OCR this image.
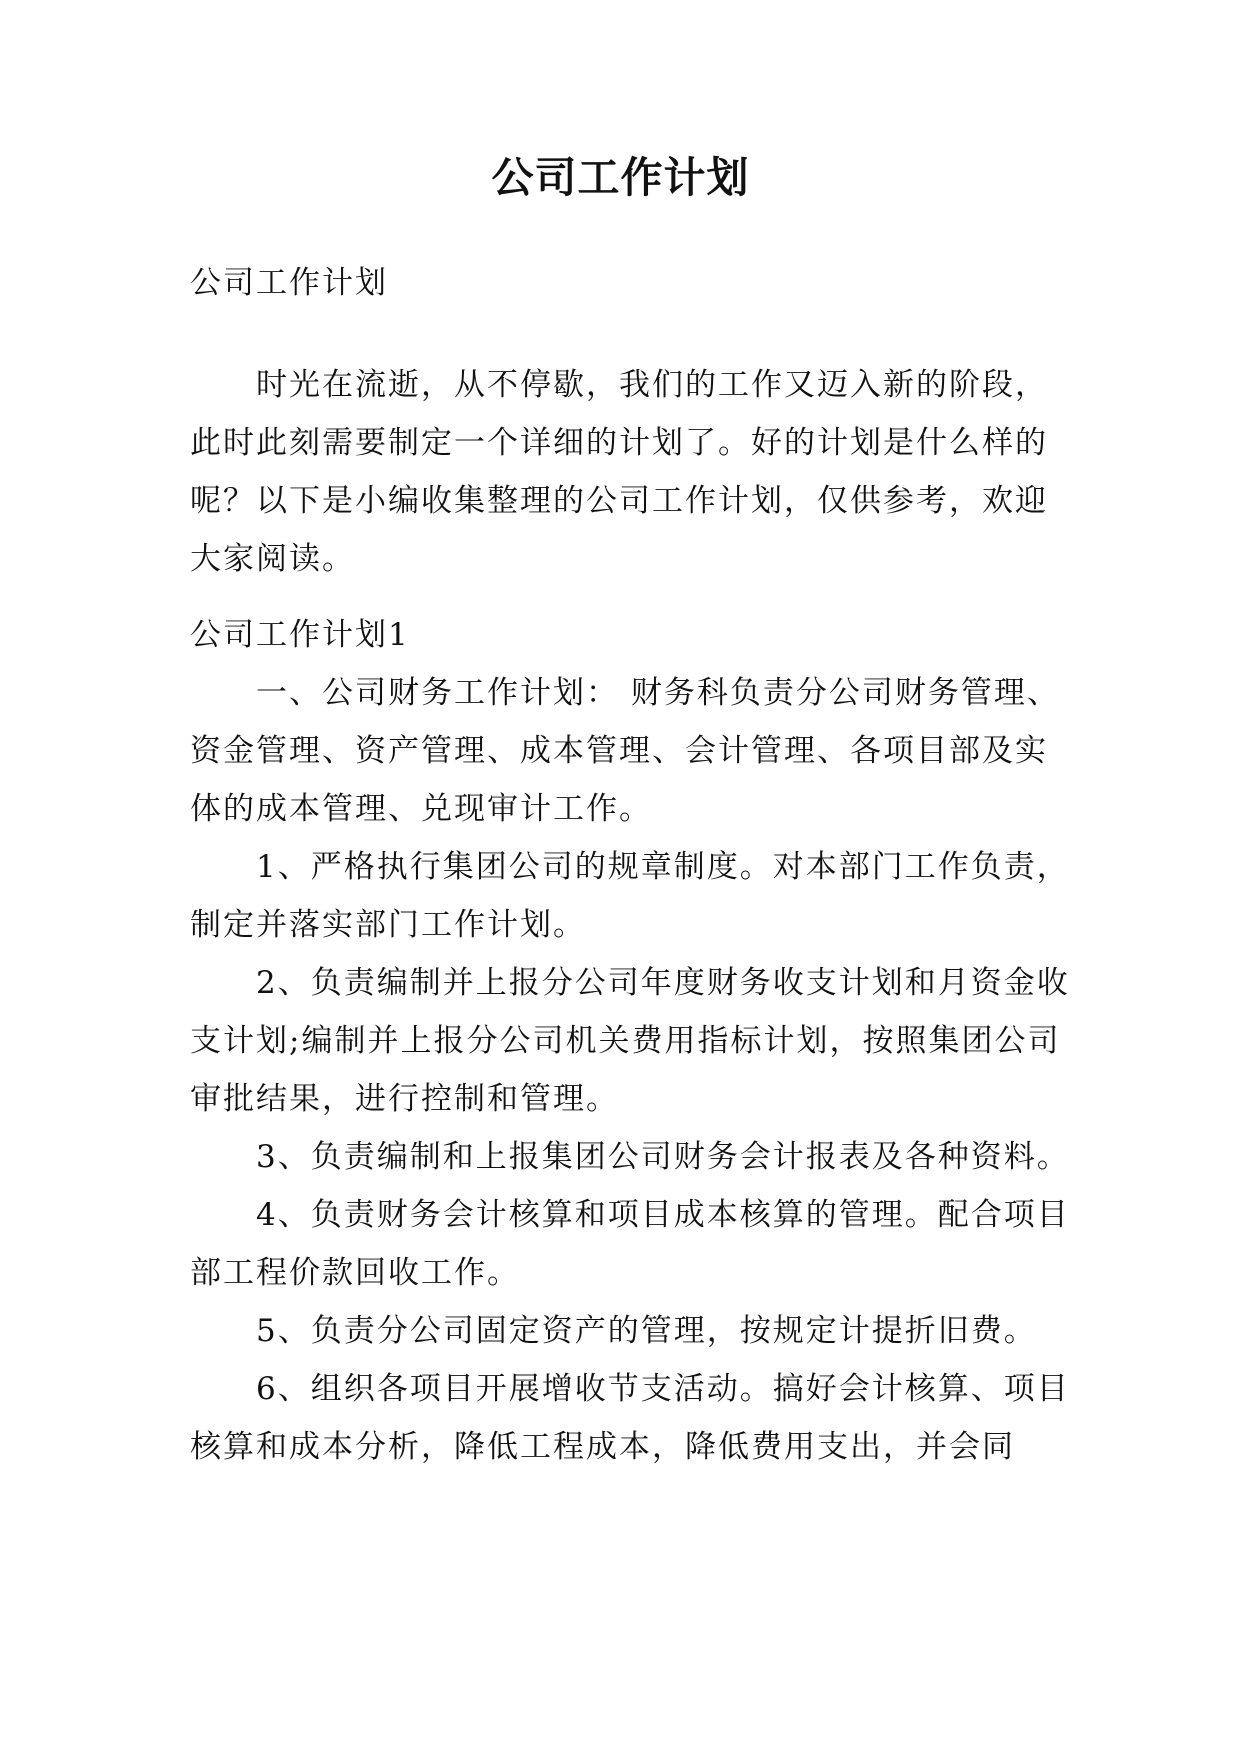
公司工作计划

公司工作计划

时光在流逝，从不停歇，我们的工作又迈入新的阶段，此时此刻需要制定一个详细的计划了。好的计划是什么样的呢？以下是小编收集整理的公司工作计划，仅供参考，欢迎大家阅读。

公司工作计划1

一、公司财务工作计划： 财务科负责分公司财务管理、资金管理、资产管理、成本管理、会计管理、各项目部及实体的成本管理、兑现审计工作。

1、严格执行集团公司的规章制度。对本部门工作负责，制定并落实部门工作计划。

2、负责编制并上报分公司年度财务收支计划和月资金收支计划;编制并上报分公司机关费用指标计划，按照集团公司审批结果，进行控制和管理。

3、负责编制和上报集团公司财务会计报表及各种资料。

4、负责财务会计核算和项目成本核算的管理。配合项目部工程价款回收工作。

5、负责分公司固定资产的管理，按规定计提折旧费。

6、组织各项目开展增收节支活动。搞好会计核算、项目核算和成本分析，降低工程成本，降低费用支出，并会同
